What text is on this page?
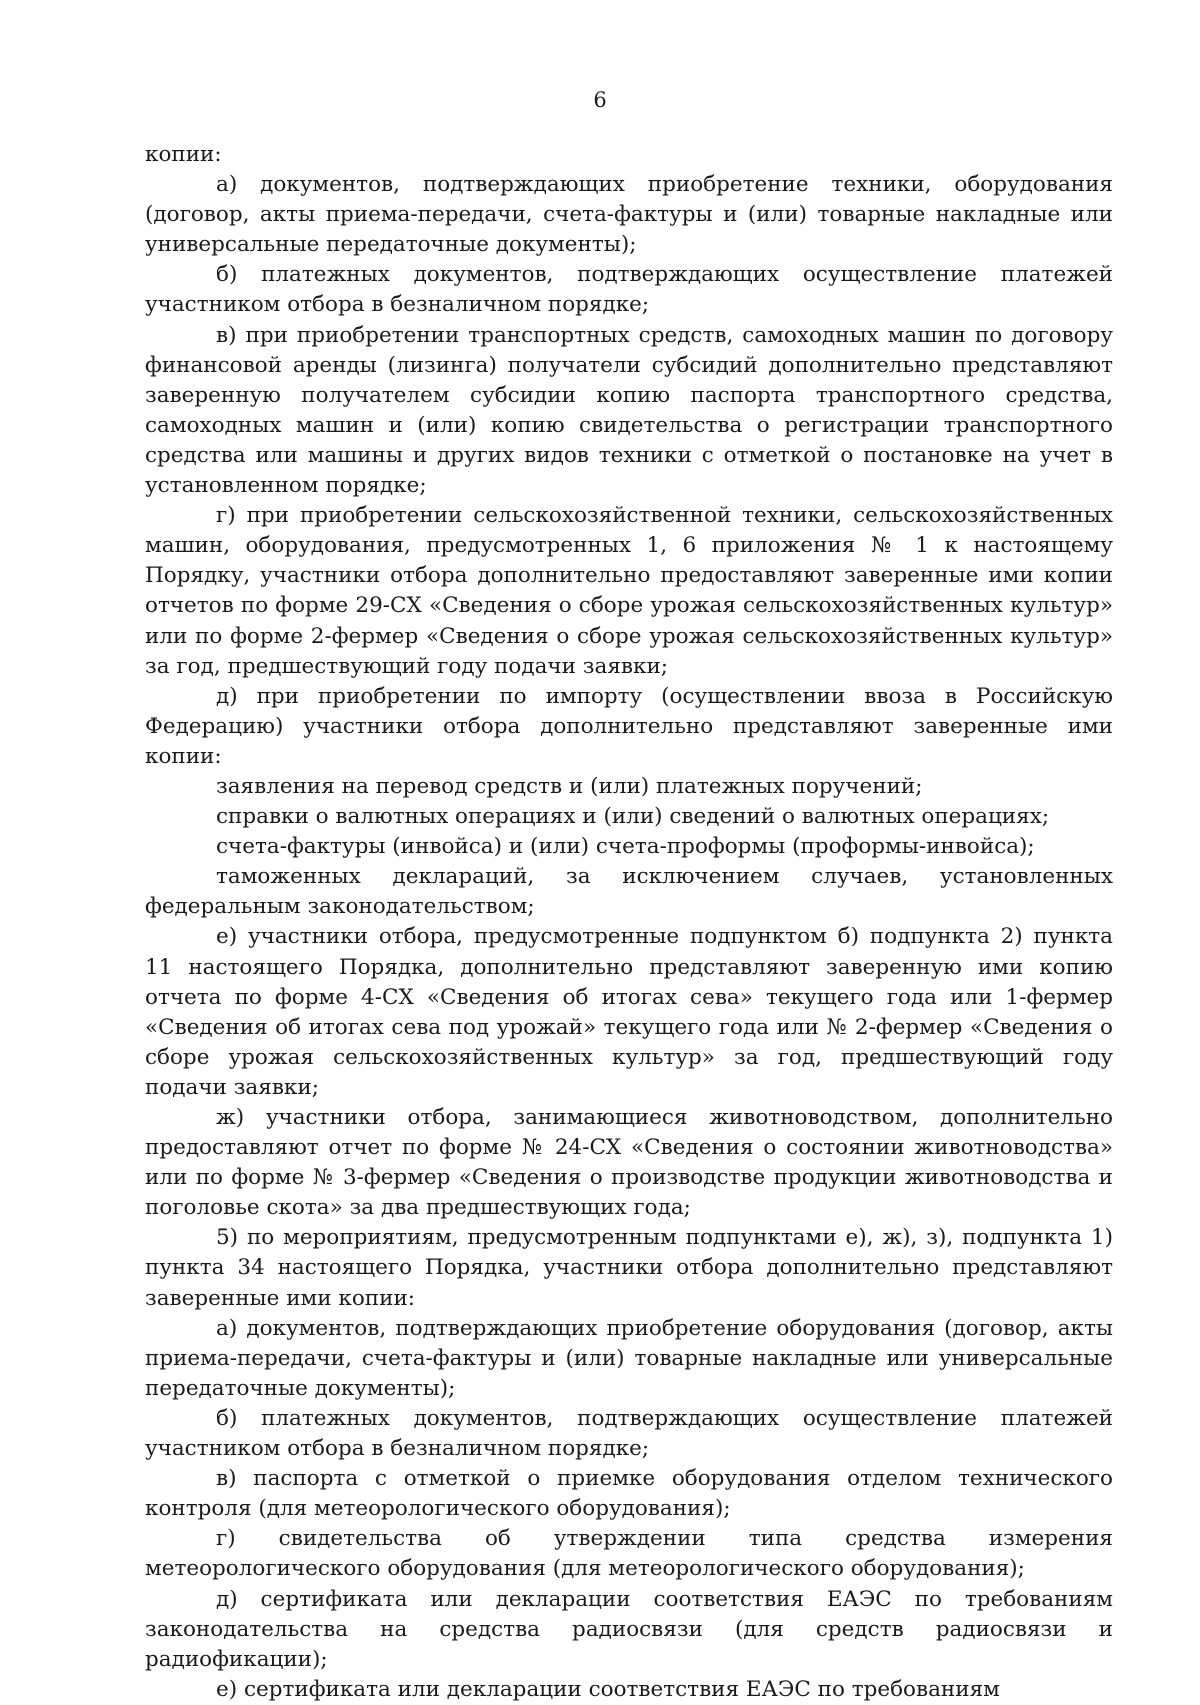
6

копии:

а) документов, подтверждающих приобретение техники, оборудования (договор, акты приема-передачи, счета-фактуры и (или) товарные накладные или универсальные передаточные документы);

б) платежных документов, подтверждающих осуществление платежей участником отбора в безналичном порядке;

в) при приобретении транспортных средств, самоходных машин по договору финансовой аренды (лизинга) получатели субсидий дополнительно представляют заверенную получателем субсидии копию паспорта транспортного средства, самоходных машин и (или) копию свидетельства о регистрации транспортного средства или машины и других видов техники с отметкой о постановке на учет в установленном порядке;

г) при приобретении сельскохозяйственной техники, сельскохозяйственных машин, оборудования, предусмотренных 1, 6 приложения № 1 к настоящему Порядку, участники отбора дополнительно предоставляют заверенные ими копии отчетов по форме 29-СХ «Сведения о сборе урожая сельскохозяйственных культур» или по форме 2-фермер «Сведения о сборе урожая сельскохозяйственных культур» за год, предшествующий году подачи заявки;

д) при приобретении по импорту (осуществлении ввоза в Российскую Федерацию) участники отбора дополнительно представляют заверенные ими копии:

заявления на перевод средств и (или) платежных поручений;

справки о валютных операциях и (или) сведений о валютных операциях;

счета-фактуры (инвойса) и (или) счета-проформы (проформы-инвойса);

таможенных деклараций, за исключением случаев, установленных федеральным законодательством;

е) участники отбора, предусмотренные подпунктом б) подпункта 2) пункта 11 настоящего Порядка, дополнительно представляют заверенную ими копию отчета по форме 4-СХ «Сведения об итогах сева» текущего года или 1-фермер «Сведения об итогах сева под урожай» текущего года или № 2-фермер «Сведения о сборе урожая сельскохозяйственных культур» за год, предшествующий году подачи заявки;

ж) участники отбора, занимающиеся животноводством, дополнительно предоставляют отчет по форме № 24-СХ «Сведения о состоянии животноводства» или по форме № 3-фермер «Сведения о производстве продукции животноводства и поголовье скота» за два предшествующих года;

5) по мероприятиям, предусмотренным подпунктами е), ж), з), подпункта 1) пункта 34 настоящего Порядка, участники отбора дополнительно представляют заверенные ими копии:

а) документов, подтверждающих приобретение оборудования (договор, акты приема-передачи, счета-фактуры и (или) товарные накладные или универсальные передаточные документы);

б) платежных документов, подтверждающих осуществление платежей участником отбора в безналичном порядке;

в) паспорта с отметкой о приемке оборудования отделом технического контроля (для метеорологического оборудования);

г) свидетельства об утверждении типа средства измерения метеорологического оборудования (для метеорологического оборудования);

д) сертификата или декларации соответствия ЕАЭС по требованиям законодательства на средства радиосвязи (для средств радиосвязи и радиофикации);

е) сертификата или декларации соответствия ЕАЭС по требованиям
